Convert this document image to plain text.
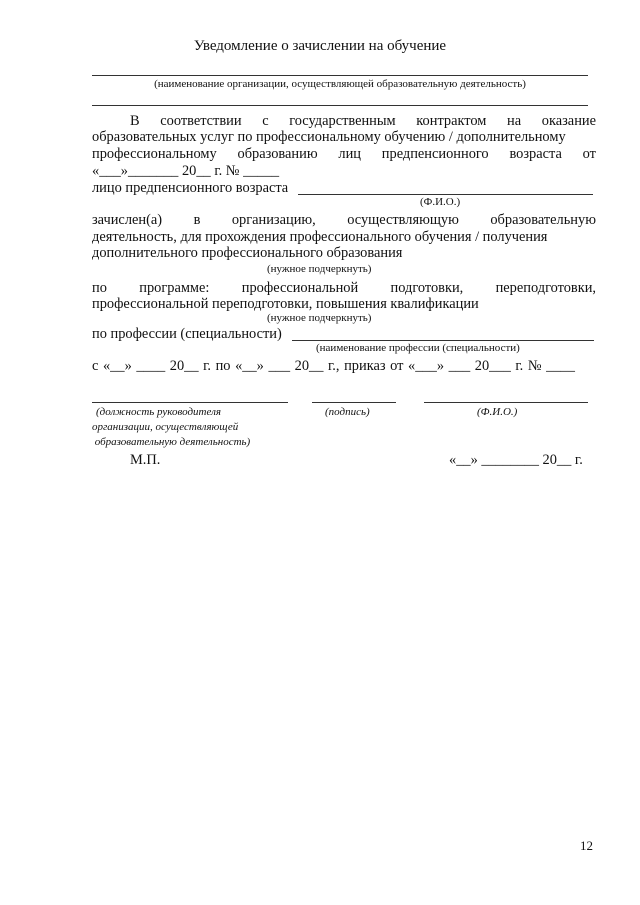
Уведомление о зачислении на обучение
(наименование организации, осуществляющей образовательную деятельность)
В соответствии с государственным контрактом на оказание
образовательных услуг по профессиональному обучению / дополнительному
профессиональному образованию лиц предпенсионного возраста от
«___»_______ 20__ г. № _____
лицо предпенсионного возраста
(Ф.И.О.)
зачислен(а) в организацию, осуществляющую образовательную
деятельность, для прохождения профессионального обучения / получения
дополнительного профессионального образования
(нужное подчеркнуть)
по программе: профессиональной подготовки, переподготовки,
профессиональной переподготовки, повышения квалификации
(нужное подчеркнуть)
по профессии (специальности)
(наименование профессии (специальности)
с «__» ____ 20__ г. по «__» ___ 20__ г., приказ от «___» ___ 20___ г. № ____
(должность руководителя
организации, осуществляющей
образовательную деятельность)
(подпись)	(Ф.И.О.)
М.П.	«__» ________ 20__ г.
12
